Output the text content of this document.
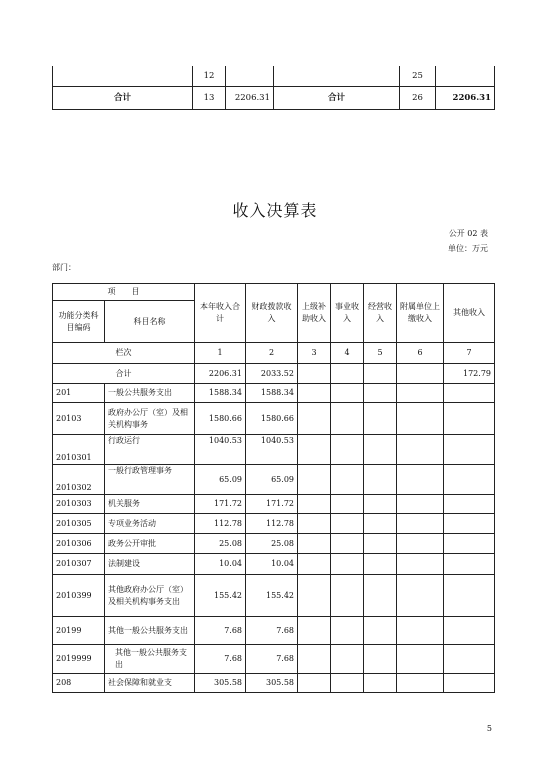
	12			25	
合计	13	2206.31	合计	26	2206.31
收入决算表
公开 02 表
单位：万元
部门：
项　　目		本年收入合计	财政拨款收入	上级补助收入	事业收入	经营收入	附属单位上缴收入	其他收入
功能分类科目编码	科目名称							
栏次		1	2	3	4	5	6	7
合计		2206.31	2033.52					172.79
201	一般公共服务支出	1588.34	1588.34					
20103	政府办公厅（室）及相关机构事务	1580.66	1580.66					
2010301	行政运行	1040.53	1040.53					
2010302	一般行政管理事务	65.09	65.09					
2010303	机关服务	171.72	171.72					
2010305	专项业务活动	112.78	112.78					
2010306	政务公开审批	25.08	25.08					
2010307	法制建设	10.04	10.04					
2010399	其他政府办公厅（室）及相关机构事务支出	155.42	155.42					
20199	其他一般公共服务支出	7.68	7.68					
2019999	其他一般公共服务支出	7.68	7.68					
208	社会保障和就业支	305.58	305.58					
5
